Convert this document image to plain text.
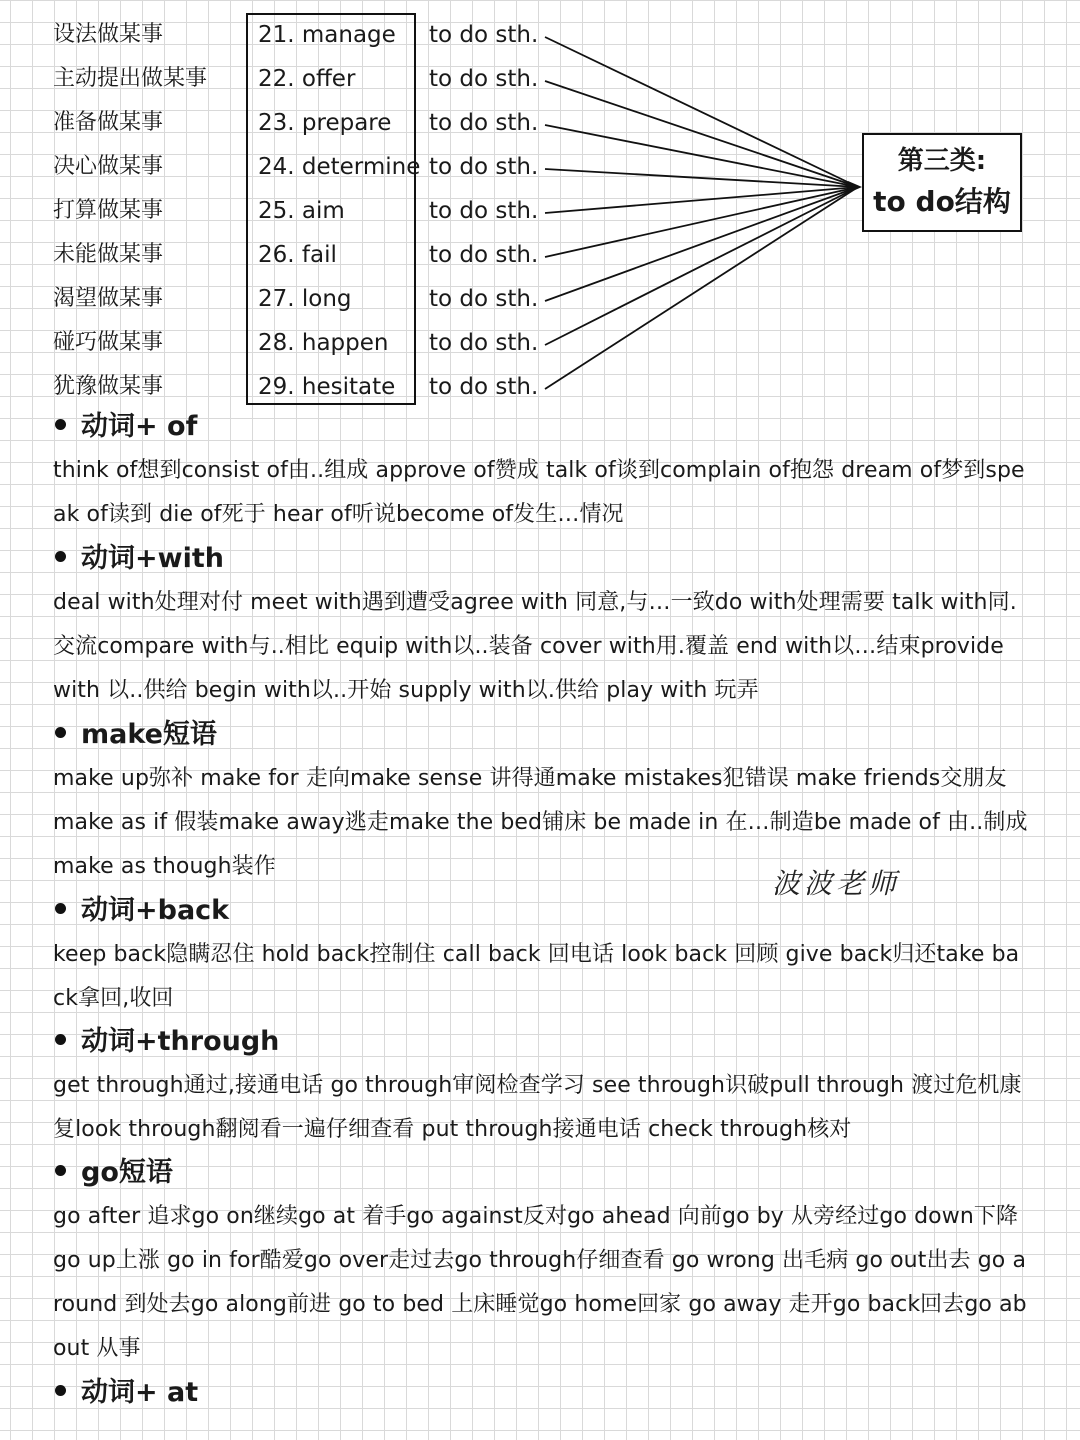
设法做某事	21. manage to do sth.
主动提出做某事 22. offer	to do sth.
准备做某事	23. prepare to do sth.
决心做某事	24. determine to do sth.
打算做某事	25. aim	to do sth.
未能做某事	26. fail	to do sth.
渴望做某事	27. long	to do sth.
碰巧做某事	28. happen to do sth.
犹豫做某事	29. hesitate to do sth.
第三类:
to do结构
动词+ of
think of想到consist of由..组成 approve of赞成 talk of谈到complain of抱怨 dream of梦到speak of读到 die of死于 hear of听说become of发生…情况
动词+with
deal with处理对付 meet with遇到遭受agree with 同意,与…一致do with处理需要 talk with同.交流compare with与..相比 equip with以..装备 cover with用.覆盖 end with以…结束provide with 以..供给 begin with以..开始 supply with以.供给 play with 玩弄
make短语
make up弥补 make for 走向make sense 讲得通make mistakes犯错误 make friends交朋友make as if 假装make away逃走make the bed铺床 be made in 在…制造be made of 由..制成make as though装作
动词+back
keep back隐瞒忍住 hold back控制住 call back 回电话 look back 回顾 give back归还take back拿回,收回
动词+through
get through通过,接通电话 go through审阅检查学习 see through识破pull through 渡过危机康复look through翻阅看一遍仔细查看 put through接通电话 check through核对
go短语
go after 追求go on继续go at 着手go against反对go ahead 向前go by 从旁经过go down下降 go up上涨 go in for酷爱go over走过去go through仔细查看 go wrong 出毛病 go out出去 go around 到处去go along前进 go to bed 上床睡觉go home回家 go away 走开go back回去go about 从事
动词+ at
波波老师
